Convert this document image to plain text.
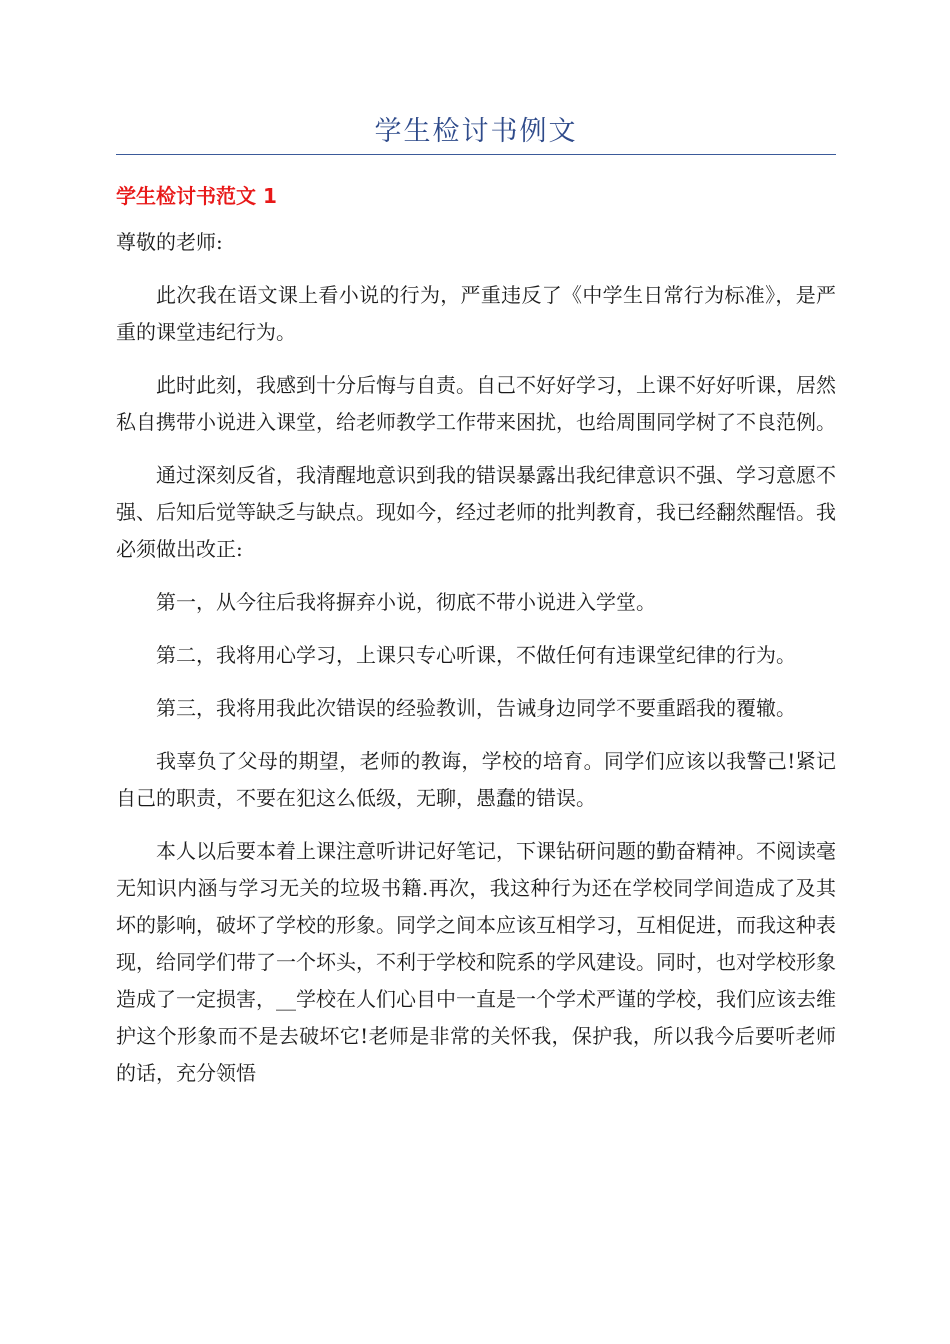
学生检讨书例文
学生检讨书范文 1

尊敬的老师:

此次我在语文课上看小说的行为，严重违反了《中学生日常行为标准》，是严重的课堂违纪行为。

此时此刻，我感到十分后悔与自责。自己不好好学习，上课不好好听课，居然私自携带小说进入课堂，给老师教学工作带来困扰，也给周围同学树了不良范例。

通过深刻反省，我清醒地意识到我的错误暴露出我纪律意识不强、学习意愿不强、后知后觉等缺乏与缺点。现如今，经过老师的批判教育，我已经翻然醒悟。我必须做出改正:

第一，从今往后我将摒弃小说，彻底不带小说进入学堂。

第二，我将用心学习，上课只专心听课，不做任何有违课堂纪律的行为。

第三，我将用我此次错误的经验教训，告诫身边同学不要重蹈我的覆辙。

我辜负了父母的期望，老师的教诲，学校的培育。同学们应该以我警己!紧记自己的职责，不要在犯这么低级，无聊，愚蠢的错误。

本人以后要本着上课注意听讲记好笔记，下课钻研问题的勤奋精神。不阅读毫无知识内涵与学习无关的垃圾书籍.再次，我这种行为还在学校同学间造成了及其坏的影响，破坏了学校的形象。同学之间本应该互相学习，互相促进，而我这种表现，给同学们带了一个坏头，不利于学校和院系的学风建设。同时，也对学校形象造成了一定损害，__学校在人们心目中一直是一个学术严谨的学校，我们应该去维护这个形象而不是去破坏它!老师是非常的关怀我，保护我，所以我今后要听老师的话，充分领悟
